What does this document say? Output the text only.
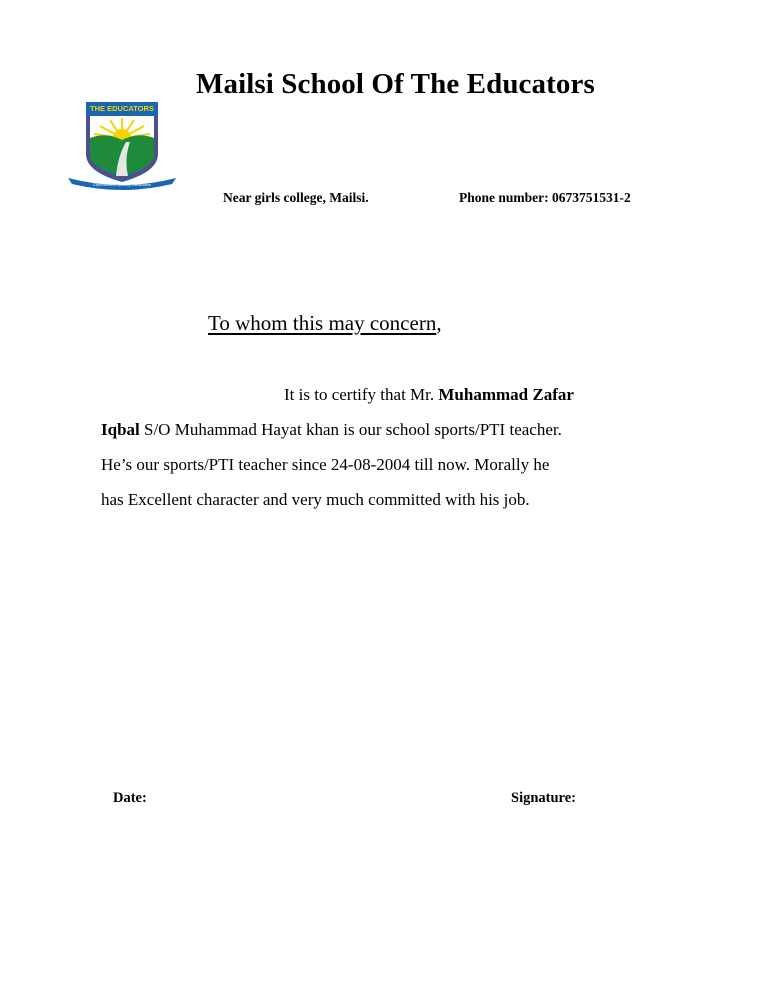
Mailsi School Of The Educators
THE EDUCATORS
Commitment, Quality, Dedication
Near girls college, Mailsi.	Phone number: 0673751531-2
To whom this may concern,
It is to certify that Mr. Muhammad Zafar
Iqbal S/O Muhammad Hayat khan is our school sports/PTI teacher.
He’s our sports/PTI teacher since 24-08-2004 till now. Morally he
has Excellent character and very much committed with his job.
Date:	Signature:
